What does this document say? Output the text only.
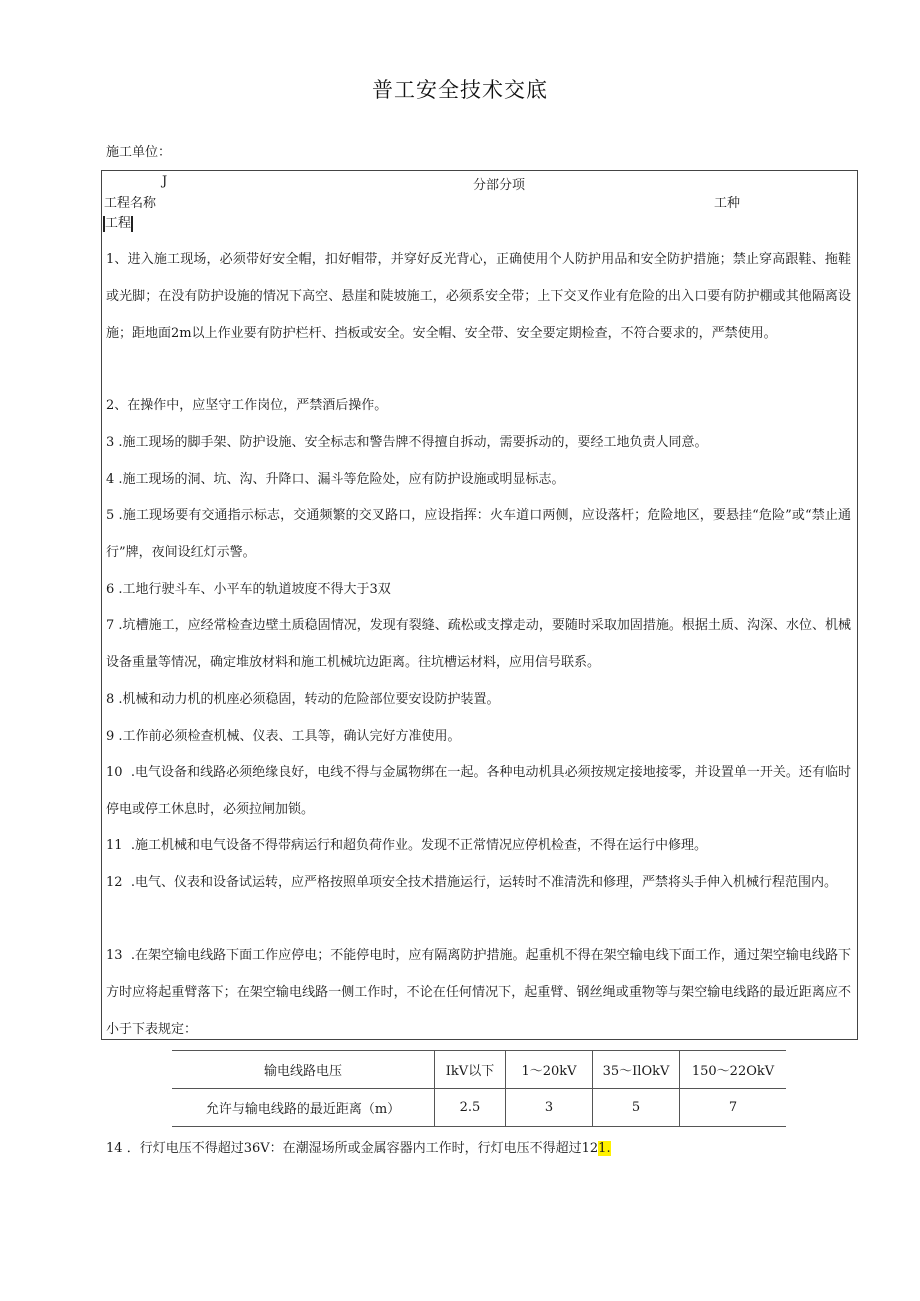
普工安全技术交底
施工单位：
J
工程名称
分部分项
工程
工种
1、进入施工现场，必须带好安全帽，扣好帽带，并穿好反光背心，正确使用个人防护用品和安全防护措施；禁止穿高跟鞋、拖鞋或光脚；在没有防护设施的情况下高空、悬崖和陡坡施工，必须系安全带；上下交叉作业有危险的出入口要有防护棚或其他隔离设施；距地面2m以上作业要有防护栏杆、挡板或安全。安全帽、安全带、安全要定期检查，不符合要求的，严禁使用。
2、在操作中，应坚守工作岗位，严禁酒后操作。
3 .施工现场的脚手架、防护设施、安全标志和警告牌不得擅自拆动，需要拆动的，要经工地负责人同意。
4 .施工现场的洞、坑、沟、升降口、漏斗等危险处，应有防护设施或明显标志。
5 .施工现场要有交通指示标志，交通频繁的交叉路口，应设指挥：火车道口两侧，应设落杆；危险地区，要悬挂“危险”或“禁止通行”牌，夜间设红灯示警。
6 .工地行驶斗车、小平车的轨道坡度不得大于3双
7 .坑槽施工，应经常检查边壁土质稳固情况，发现有裂缝、疏松或支撑走动，要随时采取加固措施。根据土质、沟深、水位、机械设备重量等情况，确定堆放材料和施工机械坑边距离。往坑槽运材料，应用信号联系。
8 .机械和动力机的机座必须稳固，转动的危险部位要安设防护装置。
9 .工作前必须检查机械、仪表、工具等，确认完好方准使用。
10  .电气设备和线路必须绝缘良好，电线不得与金属物绑在一起。各种电动机具必须按规定接地接零，并设置单一开关。还有临时停电或停工休息时，必须拉闸加锁。
11  .施工机械和电气设备不得带病运行和超负荷作业。发现不正常情况应停机检查，不得在运行中修理。
12  .电气、仪表和设备试运转，应严格按照单项安全技术措施运行，运转时不准清洗和修理，严禁将头手伸入机械行程范围内。
13  .在架空输电线路下面工作应停电；不能停电时，应有隔离防护措施。起重机不得在架空输电线下面工作，通过架空输电线路下方时应将起重臂落下；在架空输电线路一侧工作时，不论在任何情况下，起重臂、钢丝绳或重物等与架空输电线路的最近距离应不小于下表规定：
输电线路电压	IkV以下	1～20kV	35～IlOkV	150～22OkV
允许与输电线路的最近距离（m）	2.5	3	5	7
14 ．行灯电压不得超过36V：在潮湿场所或金属容器内工作时，行灯电压不得超过121.
